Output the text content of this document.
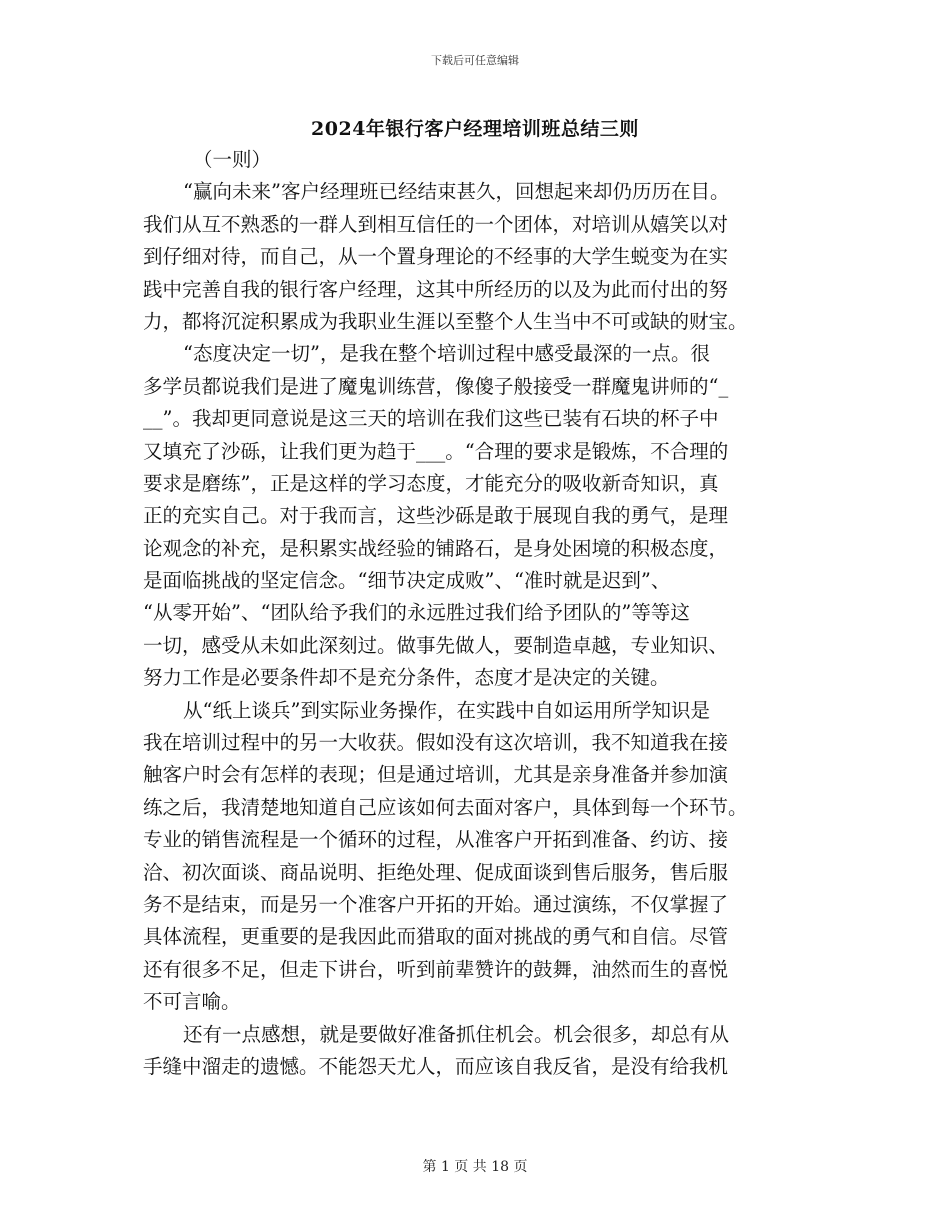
下载后可任意编辑
2024年银行客户经理培训班总结三则
（一则）
“赢向未来”客户经理班已经结束甚久，回想起来却仍历历在目。
我们从互不熟悉的一群人到相互信任的一个团体，对培训从嬉笑以对
到仔细对待，而自己，从一个置身理论的不经事的大学生蜕变为在实
践中完善自我的银行客户经理，这其中所经历的以及为此而付出的努
力，都将沉淀积累成为我职业生涯以至整个人生当中不可或缺的财宝。
“态度决定一切”，是我在整个培训过程中感受最深的一点。很
多学员都说我们是进了魔鬼训练营，像傻子般接受一群魔鬼讲师的“_
__”。我却更同意说是这三天的培训在我们这些已装有石块的杯子中
又填充了沙砾，让我们更为趋于___。“合理的要求是锻炼，不合理的
要求是磨练”，正是这样的学习态度，才能充分的吸收新奇知识，真
正的充实自己。对于我而言，这些沙砾是敢于展现自我的勇气，是理
论观念的补充，是积累实战经验的铺路石，是身处困境的积极态度，
是面临挑战的坚定信念。“细节决定成败”、“准时就是迟到”、
“从零开始”、“团队给予我们的永远胜过我们给予团队的”等等这
一切，感受从未如此深刻过。做事先做人，要制造卓越，专业知识、
努力工作是必要条件却不是充分条件，态度才是决定的关键。
从“纸上谈兵”到实际业务操作，在实践中自如运用所学知识是
我在培训过程中的另一大收获。假如没有这次培训，我不知道我在接
触客户时会有怎样的表现；但是通过培训，尤其是亲身准备并参加演
练之后，我清楚地知道自己应该如何去面对客户，具体到每一个环节。
专业的销售流程是一个循环的过程，从准客户开拓到准备、约访、接
洽、初次面谈、商品说明、拒绝处理、促成面谈到售后服务，售后服
务不是结束，而是另一个准客户开拓的开始。通过演练，不仅掌握了
具体流程，更重要的是我因此而猎取的面对挑战的勇气和自信。尽管
还有很多不足，但走下讲台，听到前辈赞许的鼓舞，油然而生的喜悦
不可言喻。
还有一点感想，就是要做好准备抓住机会。机会很多，却总有从
手缝中溜走的遗憾。不能怨天尤人，而应该自我反省，是没有给我机
第 1 页 共 18 页
